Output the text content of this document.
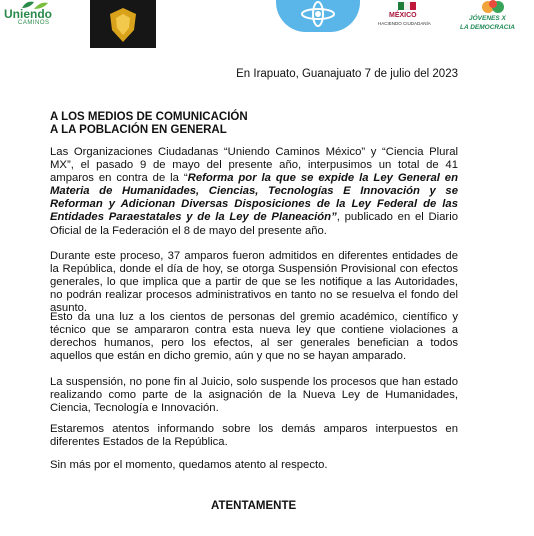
Uniendo
CAMINOS
MÉXICO
HACIENDO CIUDADANÍA
JÓVENES X
LA DEMOCRACIA
En Irapuato, Guanajuato 7 de julio del 2023
A LOS MEDIOS DE COMUNICACIÓN
A LA POBLACIÓN EN GENERAL

Las Organizaciones Ciudadanas “Uniendo Caminos México” y “Ciencia Plural MX”, el pasado 9 de mayo del presente año, interpusimos un total de 41 amparos en contra de la “Reforma por la que se expide la Ley General en Materia de Humanidades, Ciencias, Tecnologías E Innovación y se Reforman y Adicionan Diversas Disposiciones de la Ley Federal de las Entidades Paraestatales y de la Ley de Planeación”, publicado en el Diario Oficial de la Federación el 8 de mayo del presente año.

Durante este proceso, 37 amparos fueron admitidos en diferentes entidades de la República, donde el día de hoy, se otorga Suspensión Provisional con efectos generales, lo que implica que a partir de que se les notifique a las Autoridades, no podrán realizar procesos administrativos en tanto no se resuelva el fondo del asunto.

Esto da una luz a los cientos de personas del gremio académico, científico y técnico que se ampararon contra esta nueva ley que contiene violaciones a derechos humanos, pero los efectos, al ser generales benefician a todos aquellos que están en dicho gremio, aún y que no se hayan amparado.

La suspensión, no pone fin al Juicio, solo suspende los procesos que han estado realizando como parte de la asignación de la Nueva Ley de Humanidades, Ciencia, Tecnología e Innovación.

Estaremos atentos informando sobre los demás amparos interpuestos en diferentes Estados de la República.

Sin más por el momento, quedamos atento al respecto.

ATENTAMENTE
